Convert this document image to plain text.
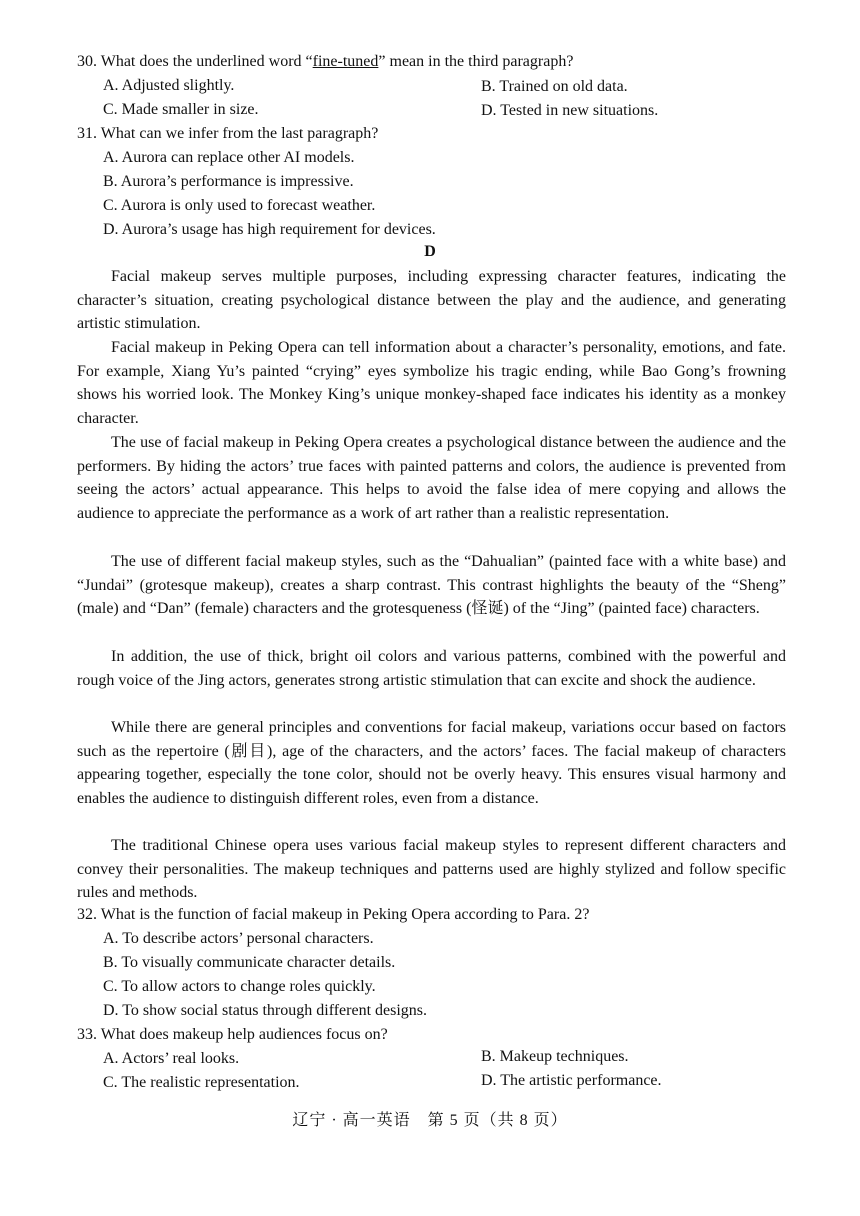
30. What does the underlined word “fine-tuned” mean in the third paragraph?
A. Adjusted slightly.	B. Trained on old data.
C. Made smaller in size.	D. Tested in new situations.
31. What can we infer from the last paragraph?
A. Aurora can replace other AI models.
B. Aurora’s performance is impressive.
C. Aurora is only used to forecast weather.
D. Aurora’s usage has high requirement for devices.
D

Facial makeup serves multiple purposes, including expressing character features, indicating the character’s situation, creating psychological distance between the play and the audience, and generating artistic stimulation.

Facial makeup in Peking Opera can tell information about a character’s personality, emotions, and fate. For example, Xiang Yu’s painted “crying” eyes symbolize his tragic ending, while Bao Gong’s frowning shows his worried look. The Monkey King’s unique monkey-shaped face indicates his identity as a monkey character.

The use of facial makeup in Peking Opera creates a psychological distance between the audience and the performers. By hiding the actors’ true faces with painted patterns and colors, the audience is prevented from seeing the actors’ actual appearance. This helps to avoid the false idea of mere copying and allows the audience to appreciate the performance as a work of art rather than a realistic representation.

The use of different facial makeup styles, such as the “Dahualian” (painted face with a white base) and “Jundai” (grotesque makeup), creates a sharp contrast. This contrast highlights the beauty of the “Sheng” (male) and “Dan” (female) characters and the grotesqueness (怪诞) of the “Jing” (painted face) characters.

In addition, the use of thick, bright oil colors and various patterns, combined with the powerful and rough voice of the Jing actors, generates strong artistic stimulation that can excite and shock the audience.

While there are general principles and conventions for facial makeup, variations occur based on factors such as the repertoire (剧目), age of the characters, and the actors’ faces. The facial makeup of characters appearing together, especially the tone color, should not be overly heavy. This ensures visual harmony and enables the audience to distinguish different roles, even from a distance.

The traditional Chinese opera uses various facial makeup styles to represent different characters and convey their personalities. The makeup techniques and patterns used are highly stylized and follow specific rules and methods.

32. What is the function of facial makeup in Peking Opera according to Para. 2?
A. To describe actors’ personal characters.
B. To visually communicate character details.
C. To allow actors to change roles quickly.
D. To show social status through different designs.
33. What does makeup help audiences focus on?
A. Actors’ real looks.	B. Makeup techniques.
C. The realistic representation.	D. The artistic performance.
辽宁 · 高一英语　第 5 页（共 8 页）
